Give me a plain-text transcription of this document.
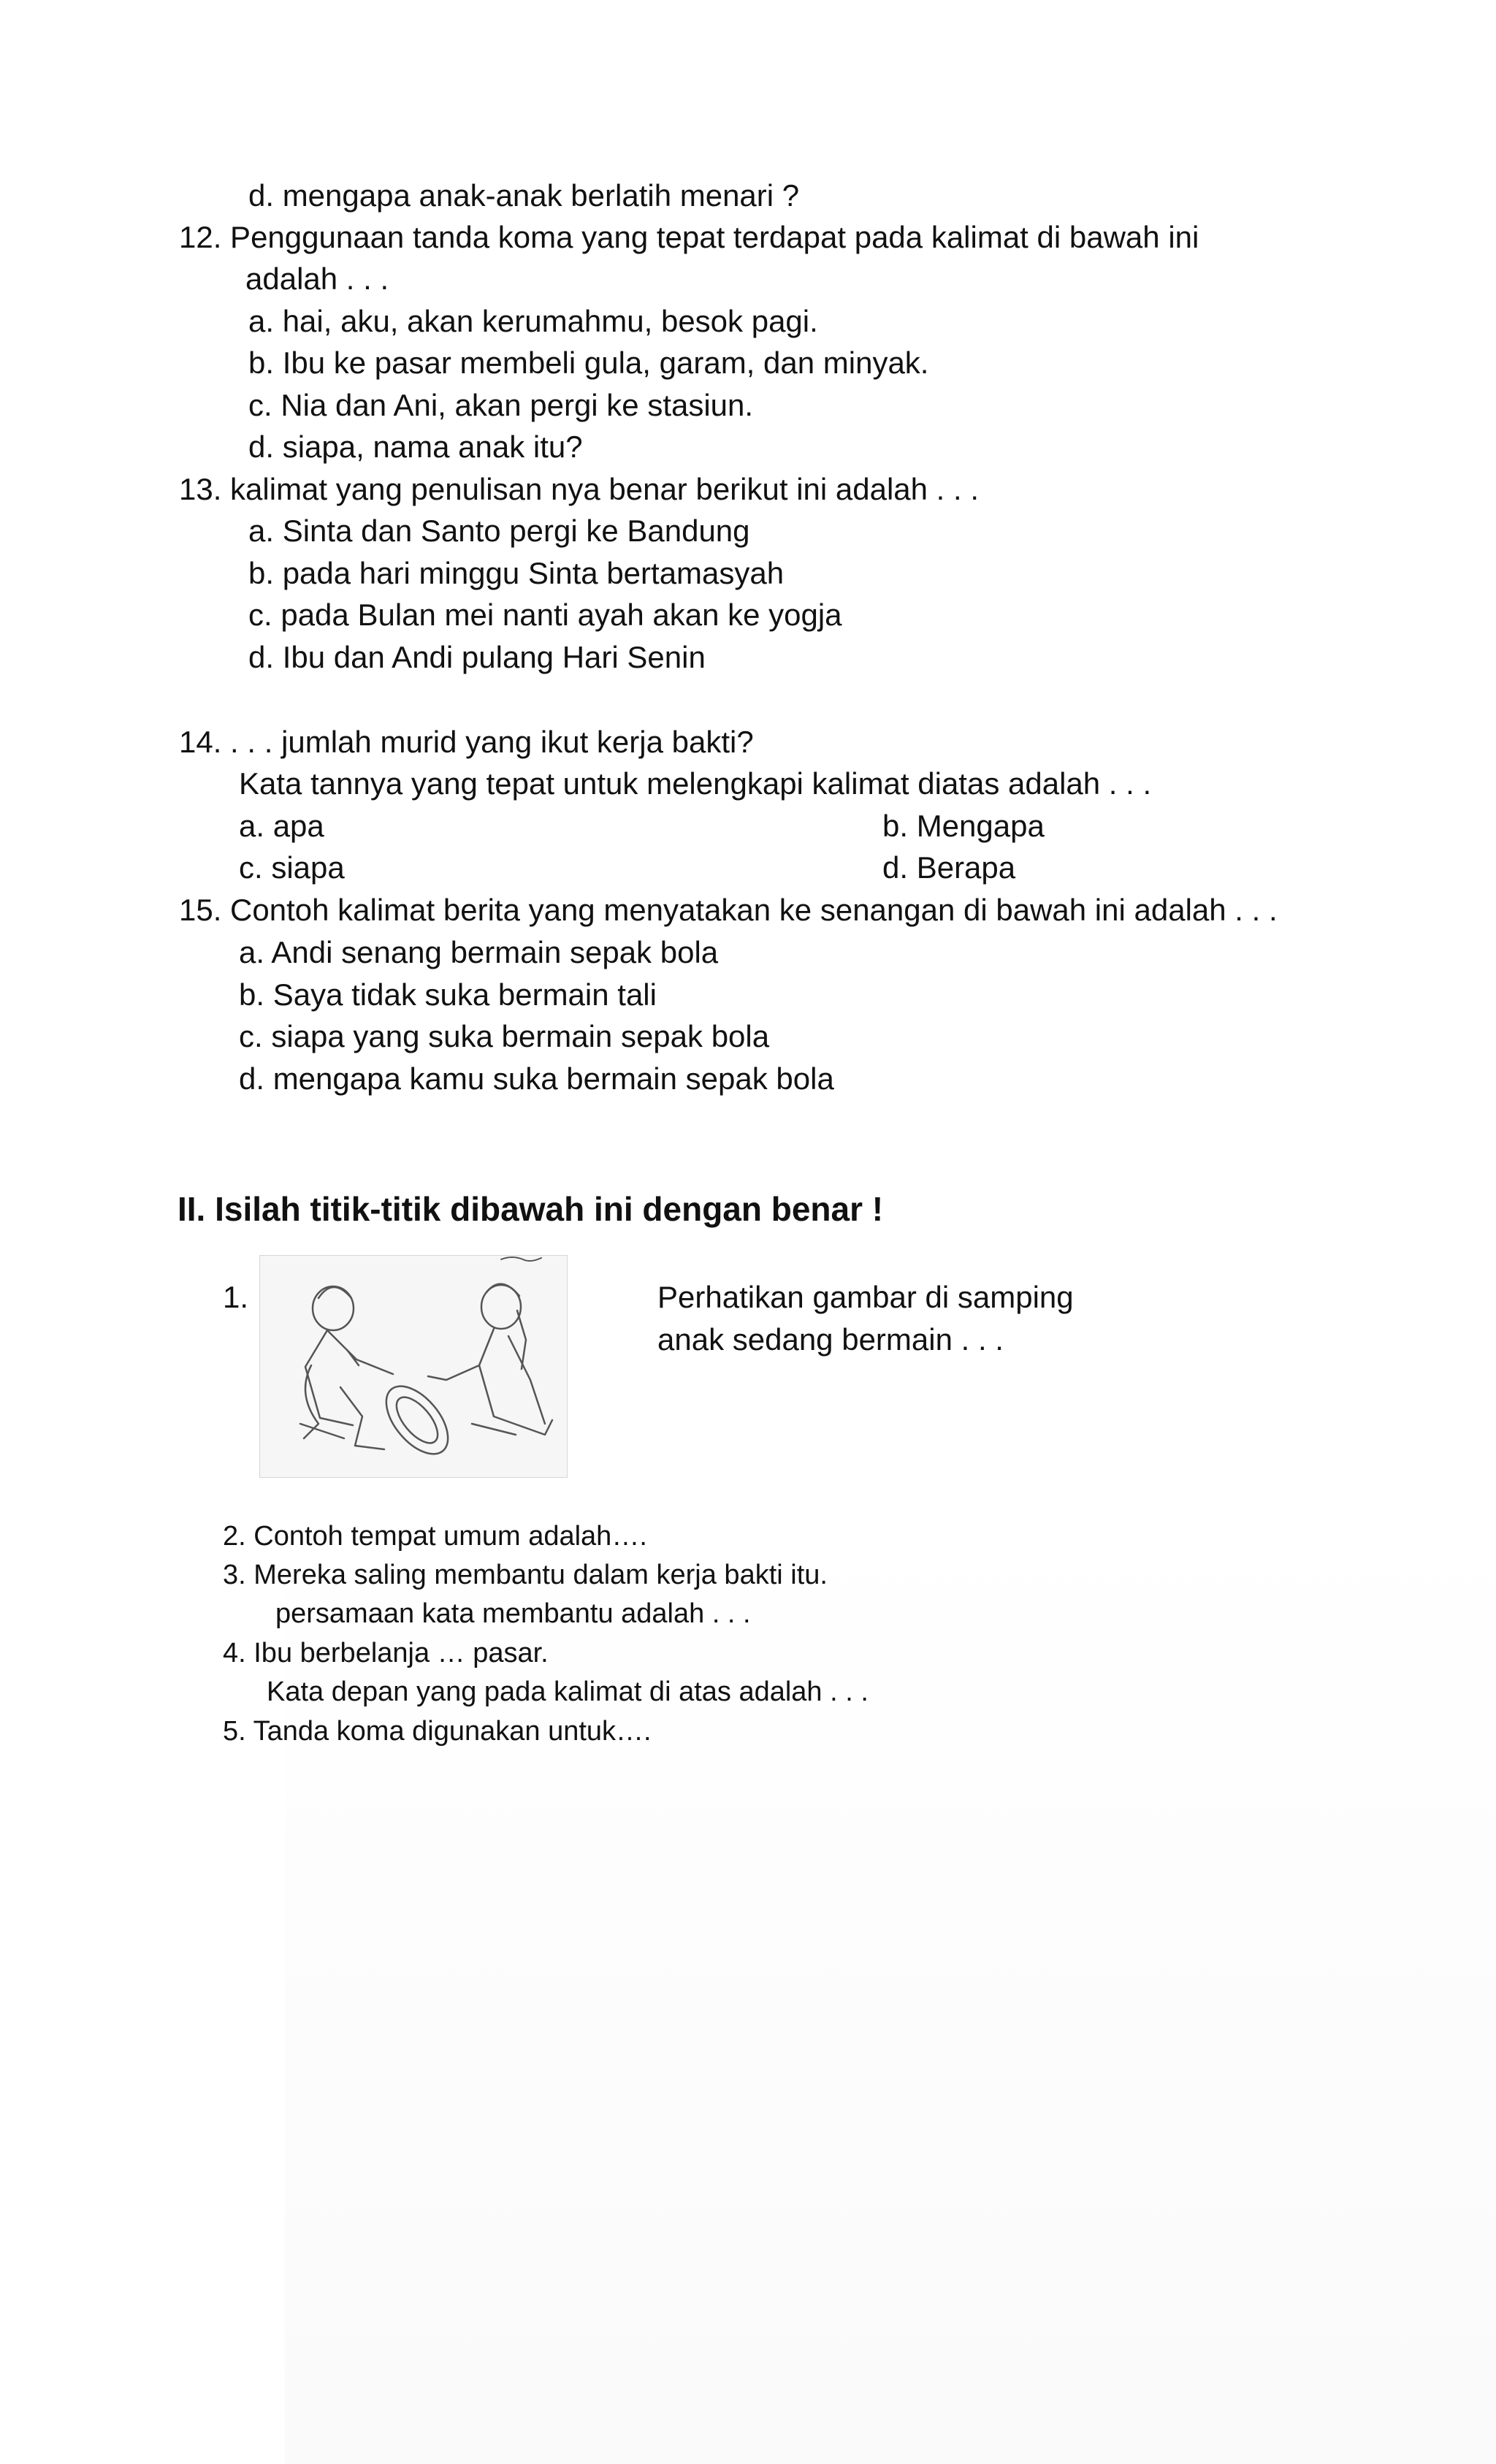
d. mengapa anak-anak berlatih menari ?
12. Penggunaan tanda koma yang tepat terdapat pada kalimat di bawah ini
adalah . . .
a. hai, aku, akan kerumahmu, besok pagi.
b. Ibu ke pasar membeli gula, garam, dan minyak.
c. Nia dan Ani, akan pergi ke stasiun.
d. siapa, nama anak itu?
13. kalimat yang penulisan nya benar berikut ini adalah . . .
a. Sinta dan Santo pergi ke Bandung
b. pada hari minggu Sinta bertamasyah
c. pada Bulan mei nanti ayah akan ke yogja
d. Ibu dan Andi pulang Hari Senin
14. . . . jumlah murid yang ikut kerja bakti?
Kata tannya yang tepat untuk melengkapi kalimat diatas adalah . . .
a. apa	b. Mengapa
c. siapa	d. Berapa
15. Contoh kalimat berita yang menyatakan ke senangan di bawah ini adalah . . .
a. Andi senang bermain sepak bola
b. Saya tidak suka bermain tali
c. siapa yang suka bermain sepak bola
d. mengapa kamu suka bermain sepak bola
II. Isilah titik-titik dibawah ini dengan benar !
1.	Perhatikan gambar di samping
anak sedang bermain . . .
2. Contoh tempat umum adalah….
3. Mereka saling membantu dalam kerja bakti itu.
persamaan kata membantu adalah . . .
4. Ibu berbelanja … pasar.
Kata depan yang pada kalimat di atas adalah . . .
5. Tanda koma digunakan untuk….
